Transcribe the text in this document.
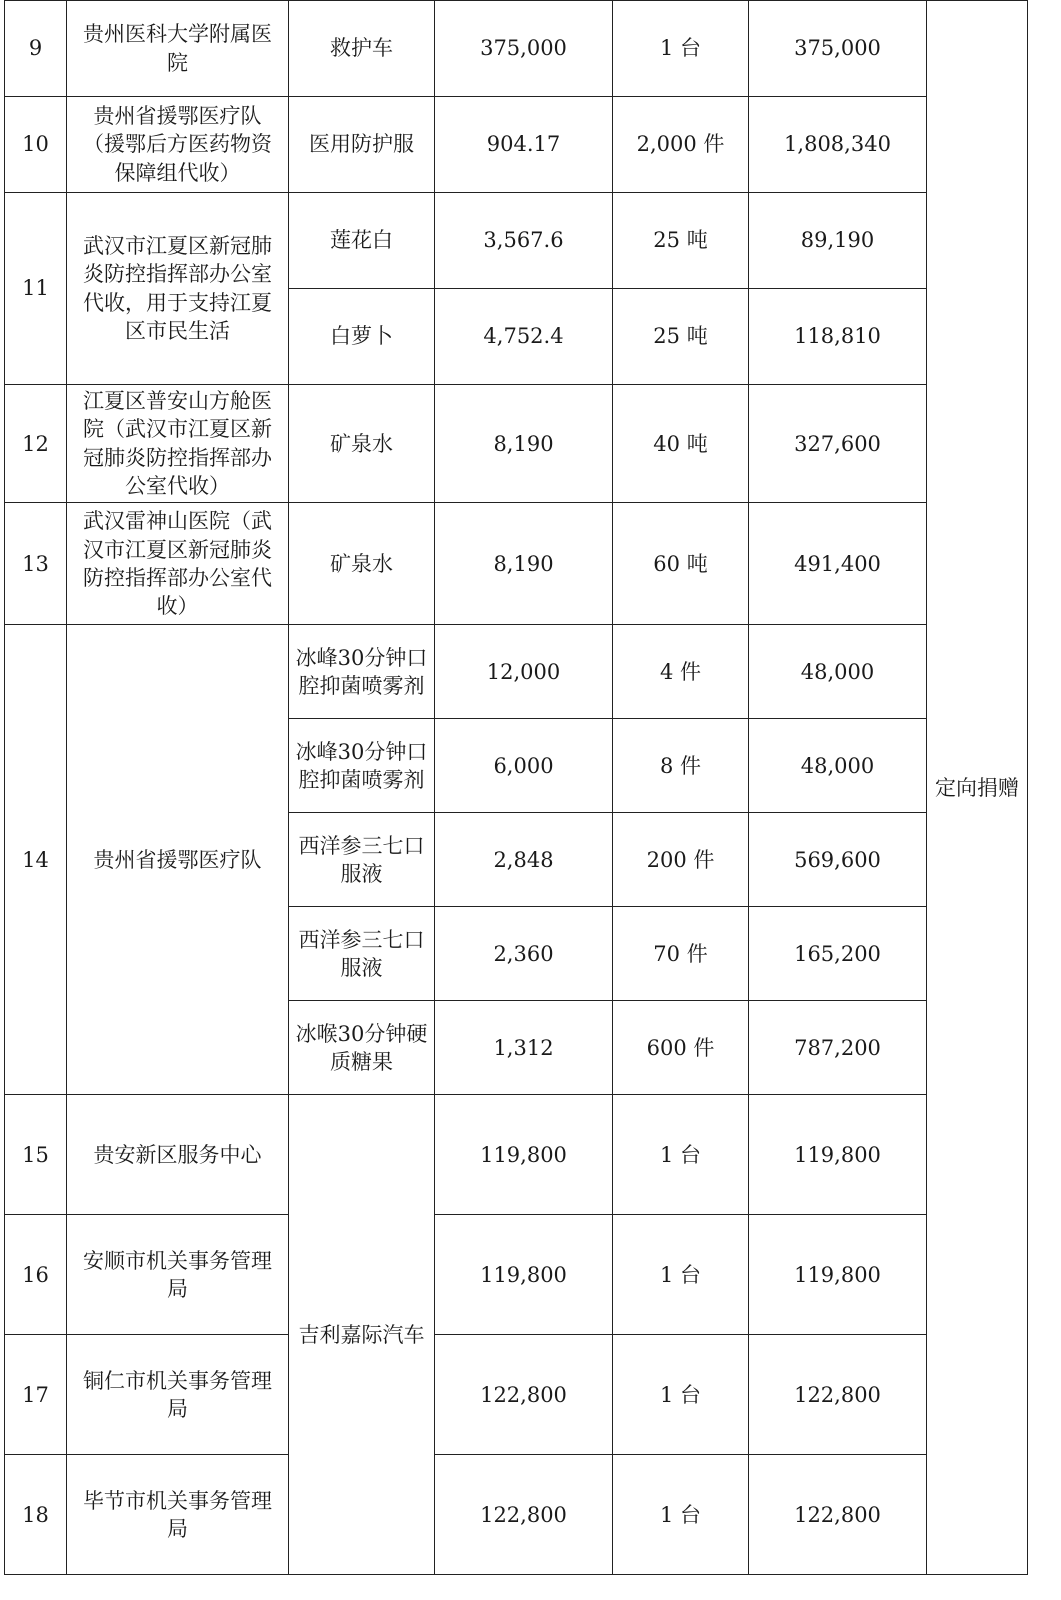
9	贵州医科大学附属医院	救护车	375,000	1 台	375,000	定向捐赠
10	贵州省援鄂医疗队（援鄂后方医药物资保障组代收）	医用防护服	904.17	2,000 件	1,808,340	
11	武汉市江夏区新冠肺炎防控指挥部办公室代收，用于支持江夏区市民生活	莲花白	3,567.6	25 吨	89,190	
		白萝卜	4,752.4	25 吨	118,810	
12	江夏区普安山方舱医院（武汉市江夏区新冠肺炎防控指挥部办公室代收）	矿泉水	8,190	40 吨	327,600	
13	武汉雷神山医院（武汉市江夏区新冠肺炎防控指挥部办公室代收）	矿泉水	8,190	60 吨	491,400	
14	贵州省援鄂医疗队	冰峰30分钟口腔抑菌喷雾剂	12,000	4 件	48,000	
		冰峰30分钟口腔抑菌喷雾剂	6,000	8 件	48,000	
		西洋参三七口服液	2,848	200 件	569,600	
		西洋参三七口服液	2,360	70 件	165,200	
		冰喉30分钟硬质糖果	1,312	600 件	787,200	
15	贵安新区服务中心	吉利嘉际汽车	119,800	1 台	119,800	
16	安顺市机关事务管理局		119,800	1 台	119,800	
17	铜仁市机关事务管理局		122,800	1 台	122,800	
18	毕节市机关事务管理局		122,800	1 台	122,800	
